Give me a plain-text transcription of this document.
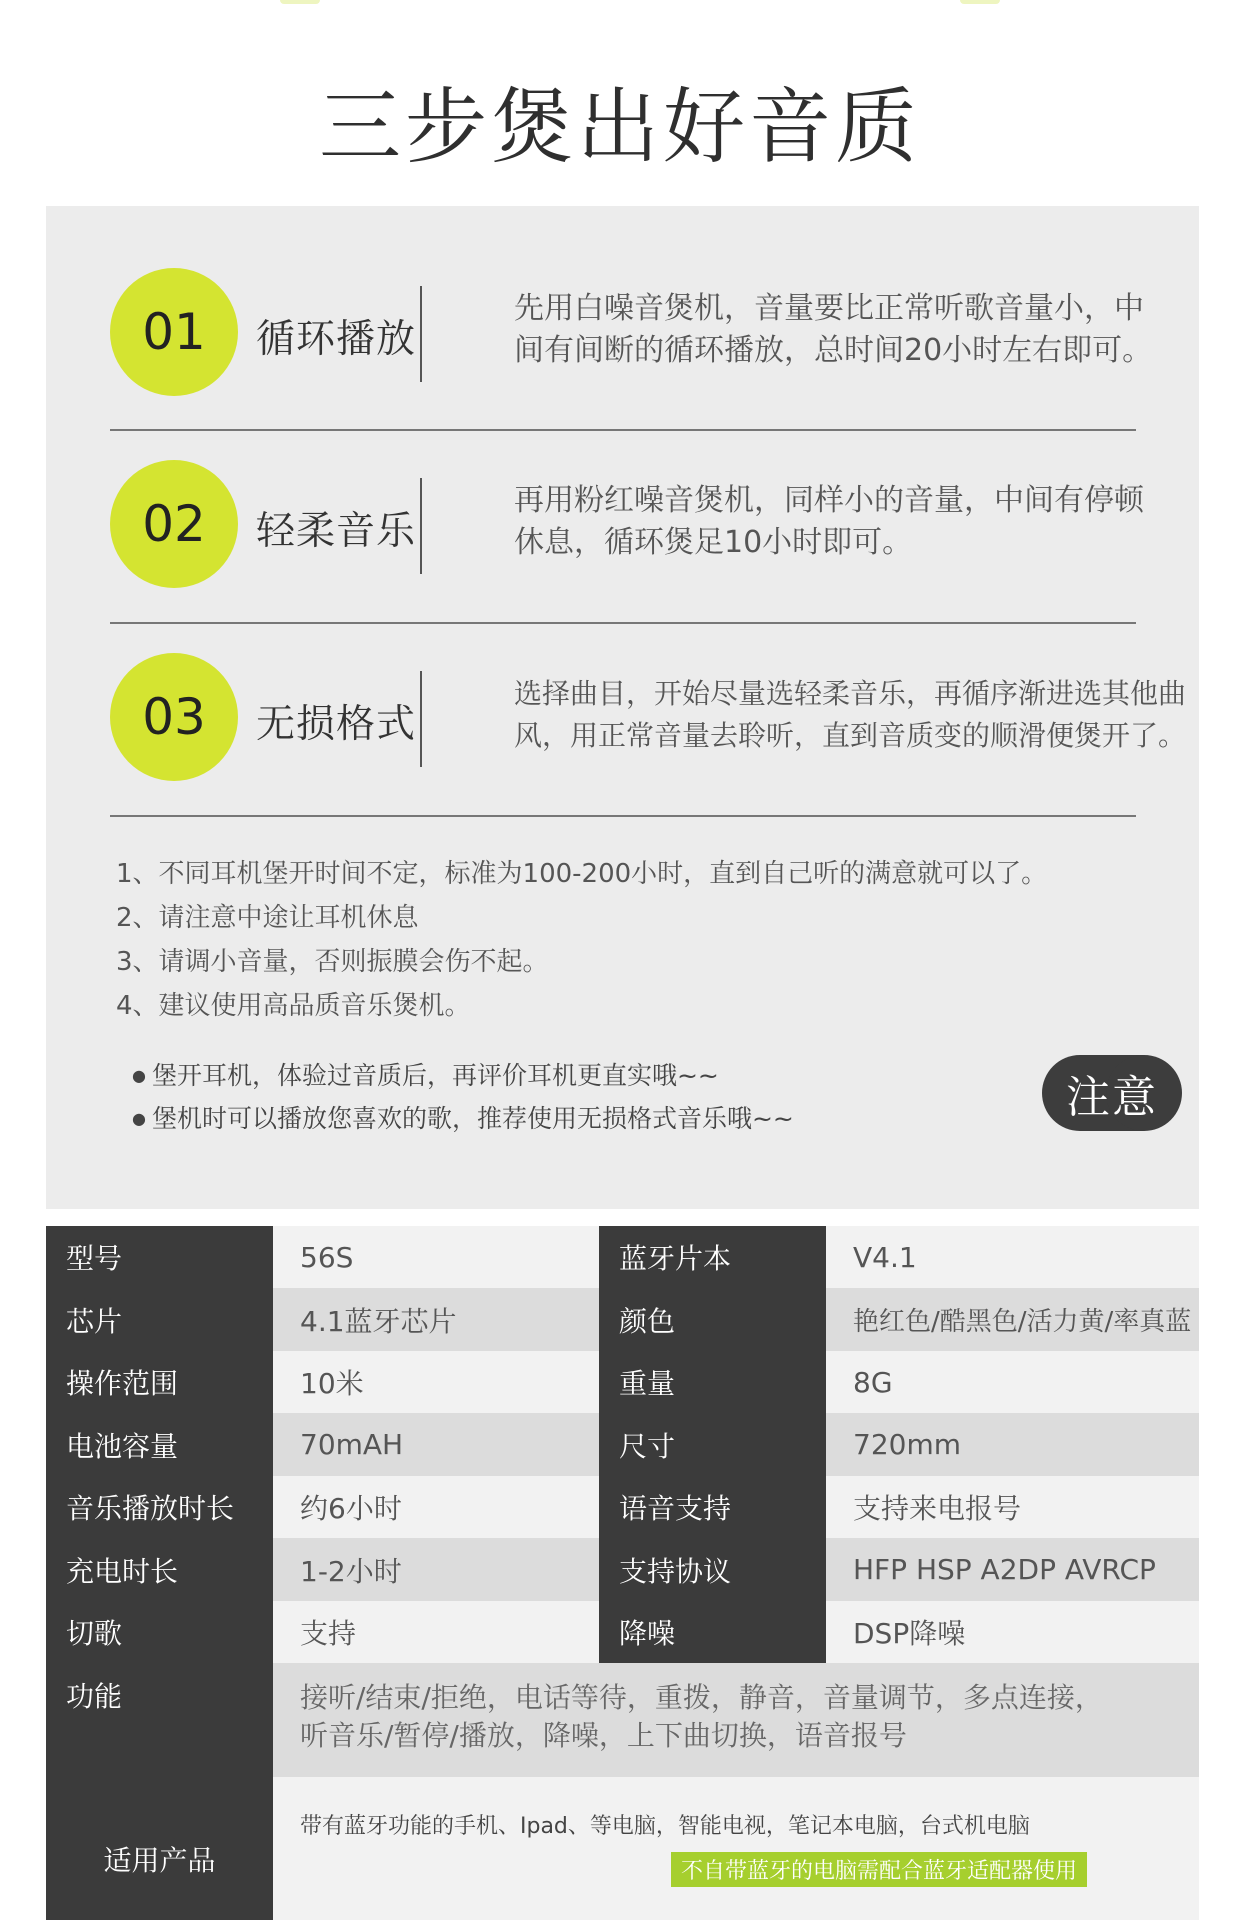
三步煲出好音质
01	循环播放
先用白噪音煲机，音量要比正常听歌音量小，中
间有间断的循环播放，总时间20小时左右即可。
02	轻柔音乐
再用粉红噪音煲机，同样小的音量，中间有停顿
休息，循环煲足10小时即可。
03	无损格式
选择曲目，开始尽量选轻柔音乐，再循序渐进选其他曲
风，用正常音量去聆听，直到音质变的顺滑便煲开了。
1、不同耳机堡开时间不定，标准为100-200小时，直到自己听的满意就可以了。
2、请注意中途让耳机休息
3、请调小音量，否则振膜会伤不起。
4、建议使用高品质音乐煲机。
● 堡开耳机，体验过音质后，再评价耳机更直实哦~~
● 堡机时可以播放您喜欢的歌，推荐使用无损格式音乐哦~~	注意
型号	56S	蓝牙片本	V4.1
芯片	4.1蓝牙芯片	颜色	艳红色/酷黑色/活力黄/率真蓝
操作范围	10米	重量	8G
电池容量	70mAH	尺寸	720mm
音乐播放时长	约6小时	语音支持	支持来电报号
充电时长	1-2小时	支持协议	HFP HSP A2DP AVRCP
切歌	支持	降噪	DSP降噪
功能	接听/结束/拒绝，电话等待，重拨，静音，音量调节，多点连接，
听音乐/暂停/播放，降噪，上下曲切换，语音报号
适用产品
带有蓝牙功能的手机、Ipad、等电脑，智能电视，笔记本电脑，台式机电脑
不自带蓝牙的电脑需配合蓝牙适配器使用
